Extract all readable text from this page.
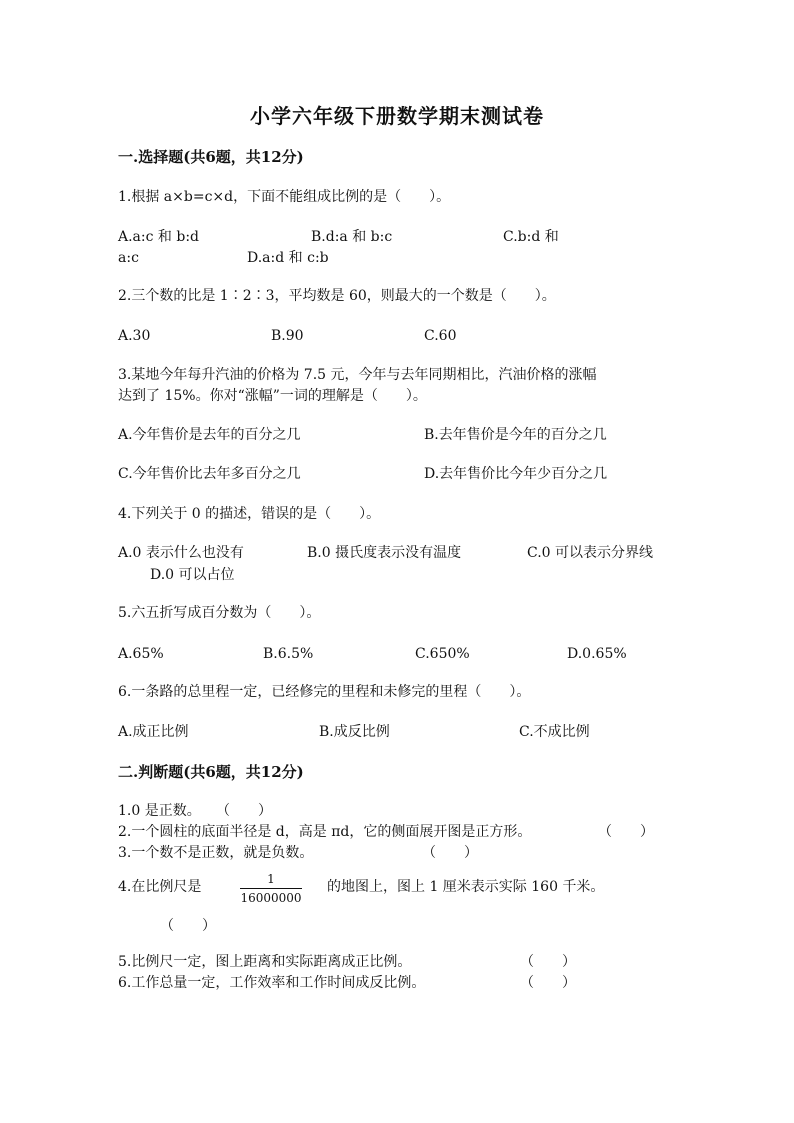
小学六年级下册数学期末测试卷
一.选择题(共6题，共12分)
1.根据 a×b=c×d，下面不能组成比例的是（　　）。
A.a:c 和 b:d	B.d:a 和 b:c	C.b:d 和
a:c	D.a:d 和 c:b
2.三个数的比是 1∶2∶3，平均数是 60，则最大的一个数是（　　）。
A.30	B.90	C.60
3.某地今年每升汽油的价格为 7.5 元，今年与去年同期相比，汽油价格的涨幅
达到了 15%。你对“涨幅”一词的理解是（　　）。
A.今年售价是去年的百分之几	B.去年售价是今年的百分之几
C.今年售价比去年多百分之几	D.去年售价比今年少百分之几
4.下列关于 0 的描述，错误的是（　　）。
A.0 表示什么也没有	B.0 摄氏度表示没有温度	C.0 可以表示分界线
D.0 可以占位
5.六五折写成百分数为（　　）。
A.65%	B.6.5%	C.650%	D.0.65%
6.一条路的总里程一定，已经修完的里程和未修完的里程（　　）。
A.成正比例	B.成反比例	C.不成比例
二.判断题(共6题，共12分)
1.0 是正数。 （　　）
2.一个圆柱的底面半径是 d，高是 πd，它的侧面展开图是正方形。	（　　）
3.一个数不是正数，就是负数。	（　　）
4.在比例尺是	1
16000000
的地图上，图上 1 厘米表示实际 160 千米。
（　　）
5.比例尺一定，图上距离和实际距离成正比例。	（　　）
6.工作总量一定，工作效率和工作时间成反比例。	（　　）
